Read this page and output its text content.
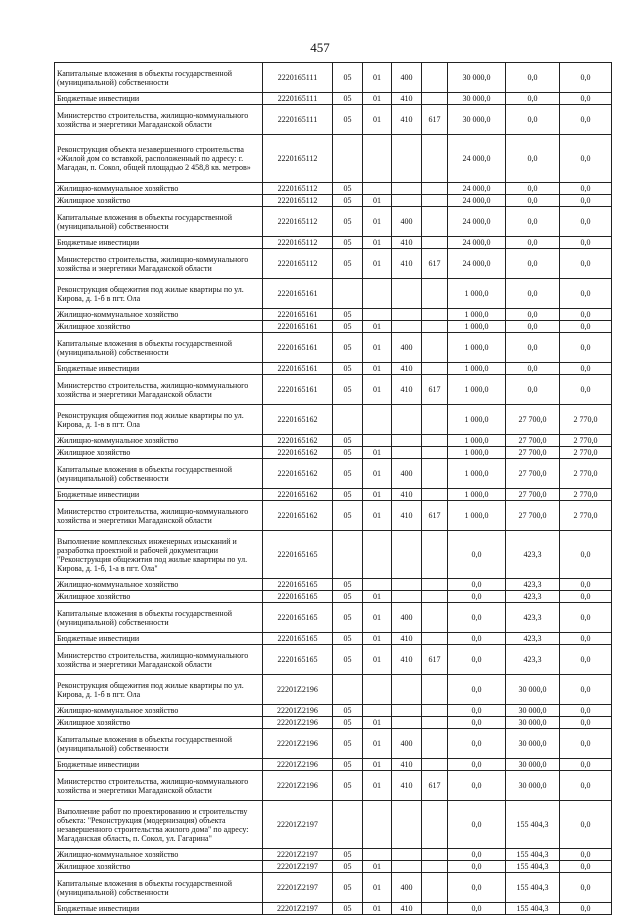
457
Капитальные вложения в объекты государственной (муниципальной) собственности	2220165111	05	01	400		30 000,0	0,0	0,0
Бюджетные инвестиции	2220165111	05	01	410		30 000,0	0,0	0,0
Министерство строительства, жилищно-коммунального хозяйства и энергетики Магаданской области	2220165111	05	01	410	617	30 000,0	0,0	0,0
Реконструкция объекта незавершенного строительства «Жилой дом со вставкой, расположенный по адресу: г. Магадан, п. Сокол, общей площадью 2 458,8 кв. метров»	2220165112					24 000,0	0,0	0,0
Жилищно-коммунальное хозяйство	2220165112	05				24 000,0	0,0	0,0
Жилищное хозяйство	2220165112	05	01			24 000,0	0,0	0,0
Капитальные вложения в объекты государственной (муниципальной) собственности	2220165112	05	01	400		24 000,0	0,0	0,0
Бюджетные инвестиции	2220165112	05	01	410		24 000,0	0,0	0,0
Министерство строительства, жилищно-коммунального хозяйства и энергетики Магаданской области	2220165112	05	01	410	617	24 000,0	0,0	0,0
Реконструкция общежития под жилые квартиры по ул. Кирова, д. 1-б в пгт. Ола	2220165161					1 000,0	0,0	0,0
Жилищно-коммунальное хозяйство	2220165161	05				1 000,0	0,0	0,0
Жилищное хозяйство	2220165161	05	01			1 000,0	0,0	0,0
Капитальные вложения в объекты государственной (муниципальной) собственности	2220165161	05	01	400		1 000,0	0,0	0,0
Бюджетные инвестиции	2220165161	05	01	410		1 000,0	0,0	0,0
Министерство строительства, жилищно-коммунального хозяйства и энергетики Магаданской области	2220165161	05	01	410	617	1 000,0	0,0	0,0
Реконструкция общежития под жилые квартиры по ул. Кирова, д. 1-в в пгт. Ола	2220165162					1 000,0	27 700,0	2 770,0
Жилищно-коммунальное хозяйство	2220165162	05				1 000,0	27 700,0	2 770,0
Жилищное хозяйство	2220165162	05	01			1 000,0	27 700,0	2 770,0
Капитальные вложения в объекты государственной (муниципальной) собственности	2220165162	05	01	400		1 000,0	27 700,0	2 770,0
Бюджетные инвестиции	2220165162	05	01	410		1 000,0	27 700,0	2 770,0
Министерство строительства, жилищно-коммунального хозяйства и энергетики Магаданской области	2220165162	05	01	410	617	1 000,0	27 700,0	2 770,0
Выполнение комплексных инженерных изысканий и разработка проектной и рабочей документации "Реконструкция общежития под жилые квартиры по ул. Кирова, д. 1-б, 1-а в пгт. Ола"	2220165165					0,0	423,3	0,0
Жилищно-коммунальное хозяйство	2220165165	05				0,0	423,3	0,0
Жилищное хозяйство	2220165165	05	01			0,0	423,3	0,0
Капитальные вложения в объекты государственной (муниципальной) собственности	2220165165	05	01	400		0,0	423,3	0,0
Бюджетные инвестиции	2220165165	05	01	410		0,0	423,3	0,0
Министерство строительства, жилищно-коммунального хозяйства и энергетики Магаданской области	2220165165	05	01	410	617	0,0	423,3	0,0
Реконструкция общежития под жилые квартиры по ул. Кирова, д. 1-б в пгт. Ола	22201Z2196					0,0	30 000,0	0,0
Жилищно-коммунальное хозяйство	22201Z2196	05				0,0	30 000,0	0,0
Жилищное хозяйство	22201Z2196	05	01			0,0	30 000,0	0,0
Капитальные вложения в объекты государственной (муниципальной) собственности	22201Z2196	05	01	400		0,0	30 000,0	0,0
Бюджетные инвестиции	22201Z2196	05	01	410		0,0	30 000,0	0,0
Министерство строительства, жилищно-коммунального хозяйства и энергетики Магаданской области	22201Z2196	05	01	410	617	0,0	30 000,0	0,0
Выполнение работ по проектированию и строительству объекта: "Реконструкция (модернизация) объекта незавершенного строительства жилого дома" по адресу: Магаданская область, п. Сокол, ул. Гагарина"	22201Z2197					0,0	155 404,3	0,0
Жилищно-коммунальное хозяйство	22201Z2197	05				0,0	155 404,3	0,0
Жилищное хозяйство	22201Z2197	05	01			0,0	155 404,3	0,0
Капитальные вложения в объекты государственной (муниципальной) собственности	22201Z2197	05	01	400		0,0	155 404,3	0,0
Бюджетные инвестиции	22201Z2197	05	01	410		0,0	155 404,3	0,0
